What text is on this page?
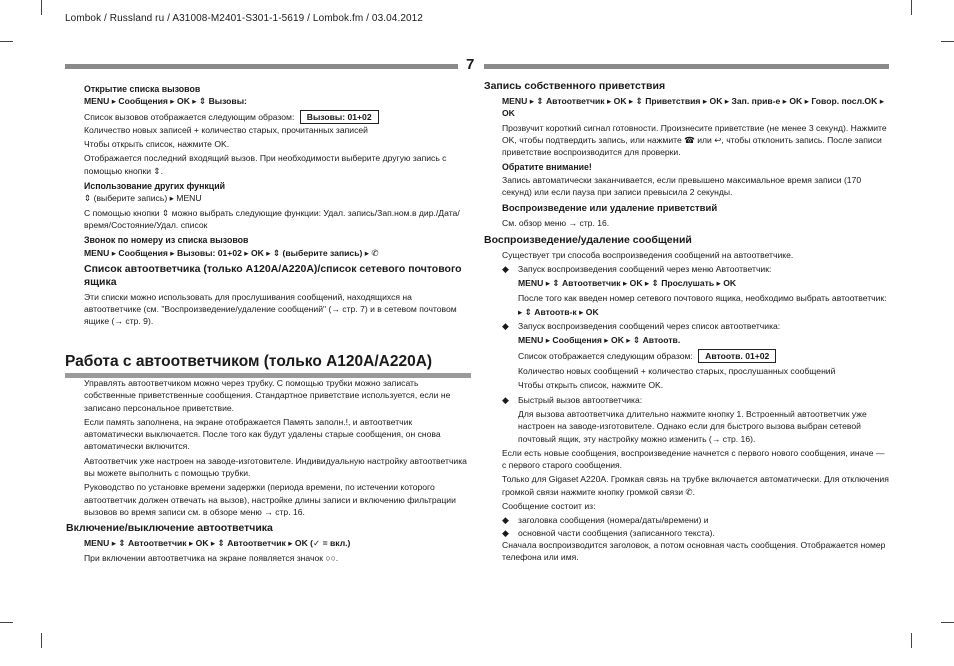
Lombok / Russland ru / A31008-M2401-S301-1-5619 / Lombok.fm / 03.04.2012
7
Открытие списка вызовов

MENU ▸ Сообщения ▸ OK ▸ ⇕ Вызовы:

Список вызовов отображается следующим образом: Вызовы: 01+02

Количество новых записей + количество старых, прочитанных записей

Чтобы открыть список, нажмите OK.

Отображается последний входящий вызов. При необходимости выберите другую запись с помощью кнопки ⇕.

Использование других функций

⇕ (выберите запись) ▸ MENU

С помощью кнопки ⇕ можно выбрать следующие функции: Удал. запись/Зап.ном.в дир./Дата/время/Состояние/Удал. список

Звонок по номеру из списка вызовов

MENU ▸ Сообщения ▸ Вызовы: 01+02 ▸ OK ▸ ⇕ (выберите запись) ▸ ✆

Список автоответчика (только A120A/A220A)/список сетевого почтового ящика

Эти списки можно использовать для прослушивания сообщений, находящихся на автоответчике (см. "Воспроизведение/удаление сообщений" (→ стр. 7) и в сетевом почтовом ящике (→ стр. 9).

Работа с автоответчиком (только A120A/A220A)

Управлять автоответчиком можно через трубку. С помощью трубки можно записать собственные приветственные сообщения. Стандартное приветствие используется, если не записано персональное приветствие.

Если память заполнена, на экране отображается Память заполн.!, и автоответчик автоматически выключается. После того как будут удалены старые сообщения, он снова автоматически включится.

Автоответчик уже настроен на заводе-изготовителе. Индивидуальную настройку автоответчика вы можете выполнить с помощью трубки.

Руководство по установке времени задержки (периода времени, по истечении которого автоответчик должен отвечать на вызов), настройке длины записи и включению фильтрации вызовов во время записи см. в обзоре меню → стр. 16.

Включение/выключение автоответчика

MENU ▸ ⇕ Автоответчик ▸ OK ▸ ⇕ Автоответчик ▸ OK (✓ = вкл.)

При включении автоответчика на экране появляется значок ○○.

Запись собственного приветствия

MENU ▸ ⇕ Автоответчик ▸ OK ▸ ⇕ Приветствия ▸ OK ▸ Зап. прив-е ▸ OK ▸ Говор. посл.OK ▸ OK

Прозвучит короткий сигнал готовности. Произнесите приветствие (не менее 3 секунд). Нажмите OK, чтобы подтвердить запись, или нажмите ☎ или ↩, чтобы отклонить запись. После записи приветствие воспроизводится для проверки.

Обратите внимание!

Запись автоматически заканчивается, если превышено максимальное время записи (170 секунд) или если пауза при записи превысила 2 секунды.

Воспроизведение или удаление приветствий

См. обзор меню → стр. 16.

Воспроизведение/удаление сообщений

Существует три способа воспроизведения сообщений на автоответчике.

◆ Запуск воспроизведения сообщений через меню Автоответчик:

MENU ▸ ⇕ Автоответчик ▸ OK ▸ ⇕ Прослушать ▸ OK

После того как введен номер сетевого почтового ящика, необходимо выбрать автоответчик:

▸ ⇕ Автоотв-к ▸ OK

◆ Запуск воспроизведения сообщений через список автоответчика:

MENU ▸ Сообщения ▸ OK ▸ ⇕ Автоотв.

Список отображается следующим образом: Автоотв. 01+02

Количество новых сообщений + количество старых, прослушанных сообщений

Чтобы открыть список, нажмите OK.

◆ Быстрый вызов автоответчика:

Для вызова автоответчика длительно нажмите кнопку 1. Встроенный автоответчик уже настроен на заводе-изготовителе. Однако если для быстрого вызова выбран сетевой почтовый ящик, эту настройку можно изменить (→ стр. 16).

Если есть новые сообщения, воспроизведение начнется с первого нового сообщения, иначе — с первого старого сообщения.

Только для Gigaset A220A. Громкая связь на трубке включается автоматически. Для отключения громкой связи нажмите кнопку громкой связи ✆.

Сообщение состоит из:

◆ заголовка сообщения (номера/даты/времени) и
◆ основной части сообщения (записанного текста).

Сначала воспроизводится заголовок, а потом основная часть сообщения. Отображается номер телефона или имя.
